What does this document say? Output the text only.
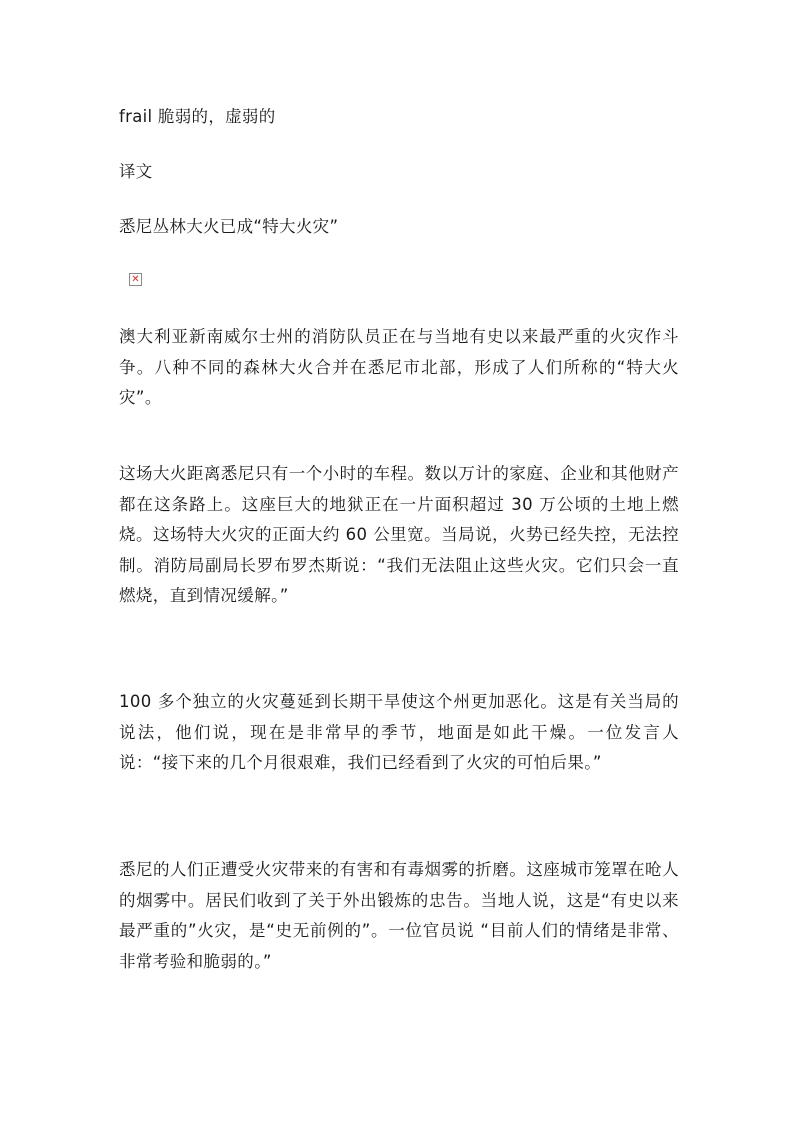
frail 脆弱的，虚弱的
译文
悉尼丛林大火已成“特大火灾”
✕

澳大利亚新南威尔士州的消防队员正在与当地有史以来最严重的火灾作斗争。八种不同的森林大火合并在悉尼市北部，形成了人们所称的“特大火灾”。

这场大火距离悉尼只有一个小时的车程。数以万计的家庭、企业和其他财产都在这条路上。这座巨大的地狱正在一片面积超过 30 万公顷的土地上燃烧。这场特大火灾的正面大约 60 公里宽。当局说，火势已经失控，无法控制。消防局副局长罗布罗杰斯说：“我们无法阻止这些火灾。它们只会一直燃烧，直到情况缓解。”

100 多个独立的火灾蔓延到长期干旱使这个州更加恶化。这是有关当局的说法，他们说，现在是非常早的季节，地面是如此干燥。一位发言人说：“接下来的几个月很艰难，我们已经看到了火灾的可怕后果。”

悉尼的人们正遭受火灾带来的有害和有毒烟雾的折磨。这座城市笼罩在呛人的烟雾中。居民们收到了关于外出锻炼的忠告。当地人说，这是“有史以来最严重的”火灾，是“史无前例的”。一位官员说 “目前人们的情绪是非常、非常考验和脆弱的。”
